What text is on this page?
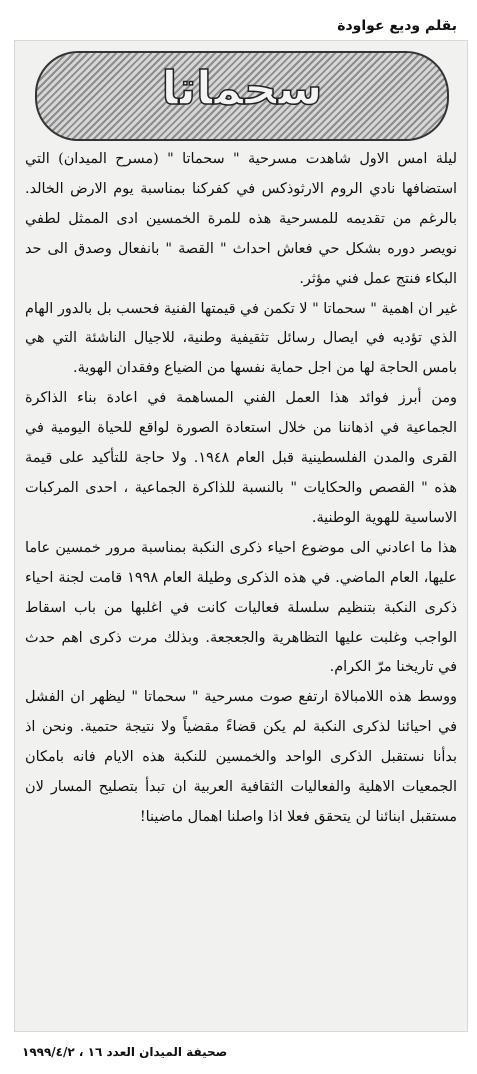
بقلم وديع عواودة
سحماتا

ليلة امس الاول شاهدت مسرحية " سحماتا " (مسرح الميدان) التي استضافها نادي الروم الارثوذكس في كفركنا بمناسبة يوم الارض الخالد. بالرغم من تقديمه للمسرحية هذه للمرة الخمسين ادى الممثل لطفي نويصر دوره بشكل حي فعاش احداث " القصة " بانفعال وصدق الى حد البكاء فنتج عمل فني مؤثر.

غير ان اهمية " سحماتا " لا تكمن في قيمتها الفنية فحسب بل بالدور الهام الذي تؤديه في ايصال رسائل تثقيفية وطنية، للاجيال الناشئة التي هي بامس الحاجة لها من اجل حماية نفسها من الضياع وفقدان الهوية.

ومن أبرز فوائد هذا العمل الفني المساهمة في اعادة بناء الذاكرة الجماعية في اذهاننا من خلال استعادة الصورة لواقع للحياة اليومية في القرى والمدن الفلسطينية قبل العام ١٩٤٨. ولا حاجة للتأكيد على قيمة هذه " القصص والحكايات " بالنسبة للذاكرة الجماعية ، احدى المركبات الاساسية للهوية الوطنية.

هذا ما اعادني الى موضوع احياء ذكرى النكبة بمناسبة مرور خمسين عاما عليها، العام الماضي. في هذه الذكرى وطيلة العام ١٩٩٨ قامت لجنة احياء ذكرى النكبة بتنظيم سلسلة فعاليات كانت في اغلبها من باب اسقاط الواجب وغلبت عليها التظاهرية والجعجعة. وبذلك مرت ذكرى اهم حدث في تاريخنا مرّ الكرام.

ووسط هذه اللامبالاة ارتفع صوت مسرحية " سحماتا " ليظهر ان الفشل في احيائنا لذكرى النكبة لم يكن قضاءً مقضياً ولا نتيجة حتمية. ونحن اذ بدأنا نستقبل الذكرى الواحد والخمسين للنكبة هذه الايام فانه بامكان الجمعيات الاهلية والفعاليات الثقافية العربية ان تبدأ بتصليح المسار لان مستقبل ابنائنا لن يتحقق فعلا اذا واصلنا اهمال ماضينا!

صحيفة الميدان العدد ١٦ ، ١٩٩٩/٤/٢
